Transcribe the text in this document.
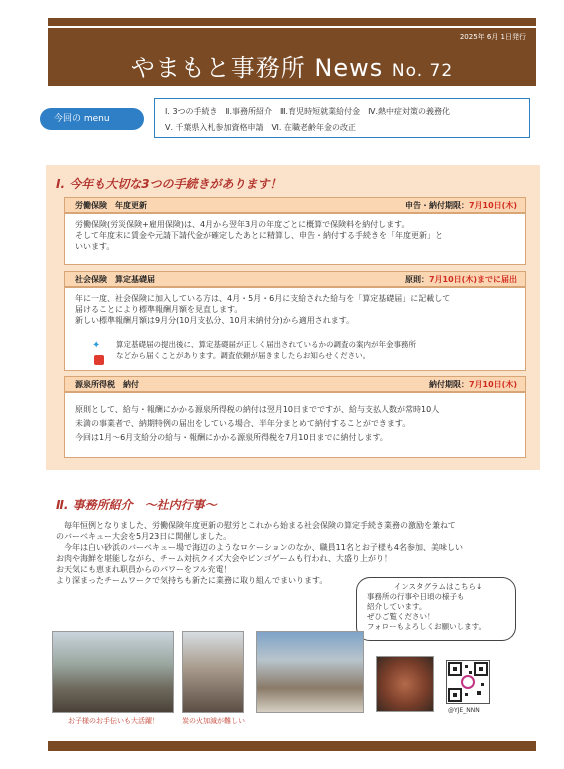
2025年 6月 1日発行
やまもと事務所 News No. 72
今回の menu
Ⅰ. 3つの手続き　Ⅱ.事務所紹介　Ⅲ.育児時短就業給付金　Ⅳ.熱中症対策の義務化
Ⅴ. 千葉県入札参加資格申請　Ⅵ. 在職老齢年金の改正
Ⅰ. 今年も大切な3つの手続きがあります！
労働保険　年度更新	申告・納付期限：7月10日(木)

労働保険(労災保険+雇用保険)は、4月から翌年3月の年度ごとに概算で保険料を納付します。

そして年度末に賃金や元請下請代金が確定したあとに精算し、申告・納付する手続きを「年度更新」と

いいます。

社会保険　算定基礎届	原則：7月10日(木)までに届出

年に一度、社会保険に加入している方は、4月・5月・6月に支給された給与を「算定基礎届」に記載して

届けることにより標準報酬月額を見直します。

新しい標準報酬月額は9月分(10月支払分、10月末納付分)から適用されます。

✦	算定基礎届の提出後に、算定基礎届が正しく届出されているかの調査の案内が年金事務所

などから届くことがあります。調査依頼が届きましたらお知らせください。

源泉所得税　納付	納付期限：7月10日(木)

原則として、給与・報酬にかかる源泉所得税の納付は翌月10日までですが、給与支払人数が常時10人

未満の事業者で、納期特例の届出をしている場合、半年分まとめて納付することができます。

今回は1月～6月支給分の給与・報酬にかかる源泉所得税を7月10日までに納付します。

Ⅱ. 事務所紹介　～社内行事～

毎年恒例となりました、労働保険年度更新の慰労とこれから始まる社会保険の算定手続き業務の激励を兼ねて

のバーベキュー大会を5月23日に開催しました。

今年は白い砂浜のバーベキュー場で海辺のようなロケーションのなか、職員11名とお子様も4名参加、美味しい

お肉や海鮮を堪能しながら、チーム対抗クイズ大会やビンゴゲームも行われ、大盛り上がり！

お天気にも恵まれ职員からのパワーをフル充電！

より深まったチームワークで気持ちも新たに業務に取り組んでまいります。

インスタグラムはこちら↓

事務所の行事や日頃の様子も

紹介しています。

ぜひご覧ください！

フォローもよろしくお願いします。

お子様のお手伝いも大活躍！	炭の火加減が難しい
@YJE_NNN
